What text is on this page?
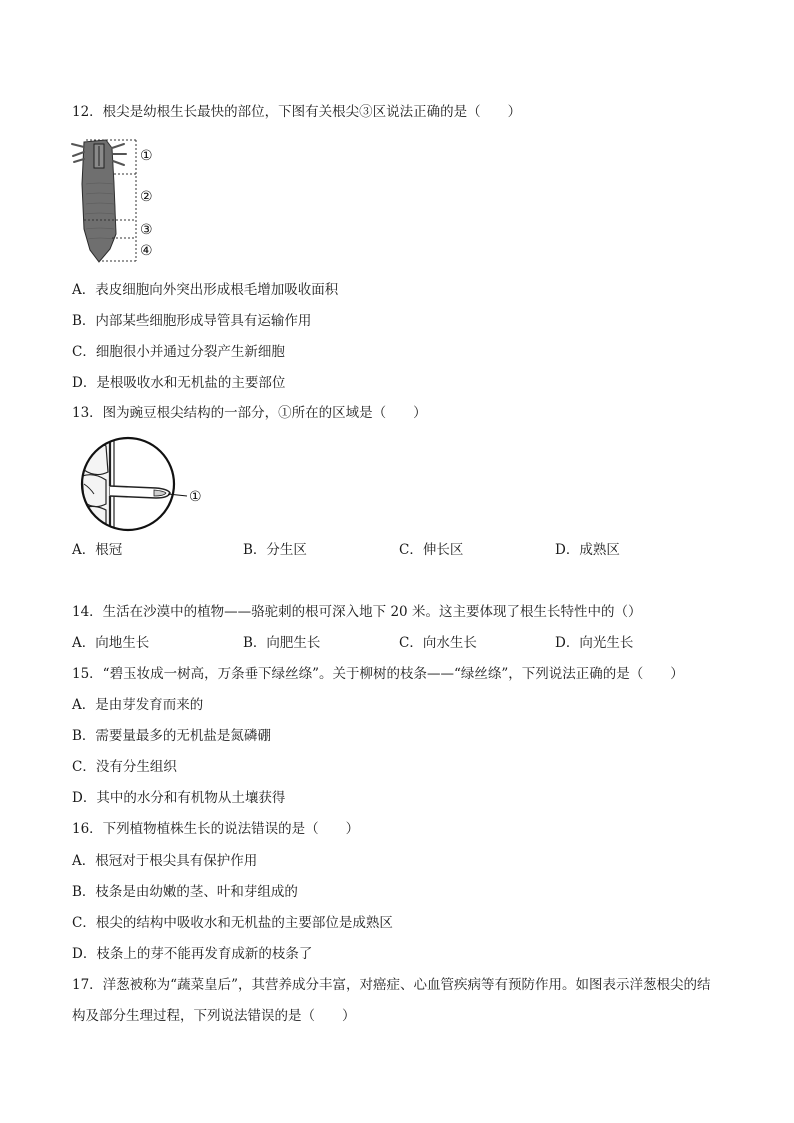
12．根尖是幼根生长最快的部位，下图有关根尖③区说法正确的是（　　）
①
②
③
④
A．表皮细胞向外突出形成根毛增加吸收面积
B．内部某些细胞形成导管具有运输作用
C．细胞很小并通过分裂产生新细胞
D．是根吸收水和无机盐的主要部位
13．图为豌豆根尖结构的一部分，①所在的区域是（　　）
①
A．根冠	B．分生区	C．伸长区	D．成熟区
14．生活在沙漠中的植物——骆驼刺的根可深入地下 20 米。这主要体现了根生长特性中的（）
A．向地生长	B．向肥生长	C．向水生长	D．向光生长
15．“碧玉妆成一树高，万条垂下绿丝绦”。关于柳树的枝条——“绿丝绦”，下列说法正确的是（　　）
A．是由芽发育而来的
B．需要量最多的无机盐是氮磷硼
C．没有分生组织
D．其中的水分和有机物从土壤获得
16．下列植物植株生长的说法错误的是（　　）
A．根冠对于根尖具有保护作用
B．枝条是由幼嫩的茎、叶和芽组成的
C．根尖的结构中吸收水和无机盐的主要部位是成熟区
D．枝条上的芽不能再发育成新的枝条了
17．洋葱被称为“蔬菜皇后”，其营养成分丰富，对癌症、心血管疾病等有预防作用。如图表示洋葱根尖的结
构及部分生理过程，下列说法错误的是（　　）
